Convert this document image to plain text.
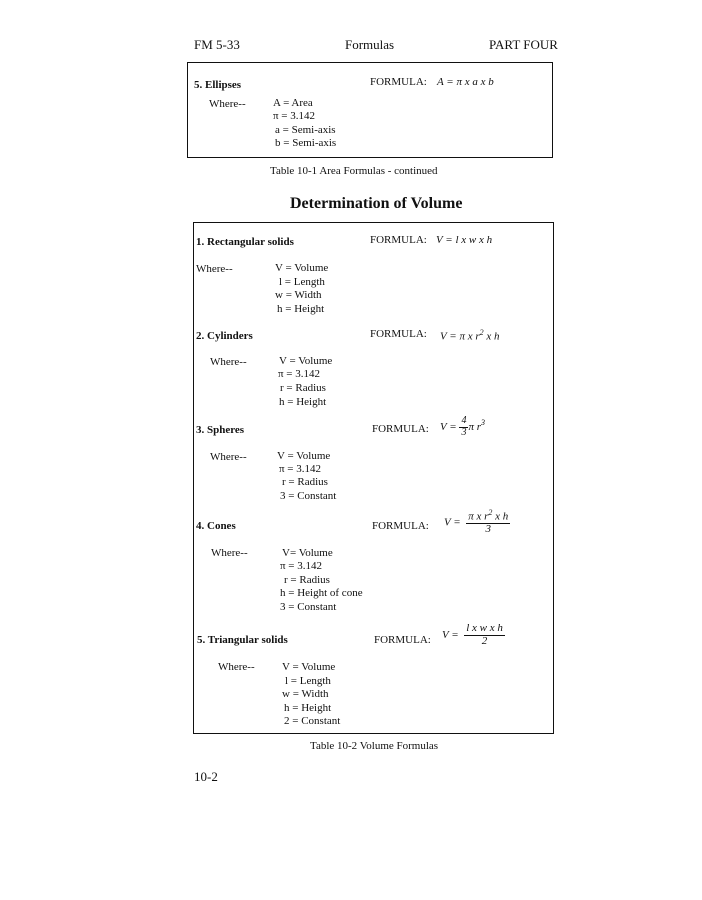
FM 5-33	Formulas	PART FOUR
5. Ellipses	FORMULA: A = π x a x b
Where-- A = Area
π = 3.142
a = Semi-axis
b = Semi-axis
Table 10-1 Area Formulas - continued
Determination of Volume
1. Rectangular solids	FORMULA: V = l x w x h
Where--	V = Volume
l = Length
w = Width
h = Height
2. Cylinders	FORMULA: V = π x $r^2$ x h
Where--	V = Volume
π = 3.142
r = Radius
h = Height
3. Spheres	FORMULA: $V = \frac{4}{3}$ π $r^3$
Where--	V = Volume
π = 3.142
r = Radius
3 = Constant
4. Cones	FORMULA: $V = \frac{\pi x r^2 x h}{3}$
Where--	V= Volume
π = 3.142
r = Radius
h = Height of cone
3 = Constant
5. Triangular solids	FORMULA: $V = \frac{\text{l x w x h}}{2}$
Where-- V = Volume
l = Length
w = Width
h = Height
2 = Constant
Table 10-2 Volume Formulas
10-2
